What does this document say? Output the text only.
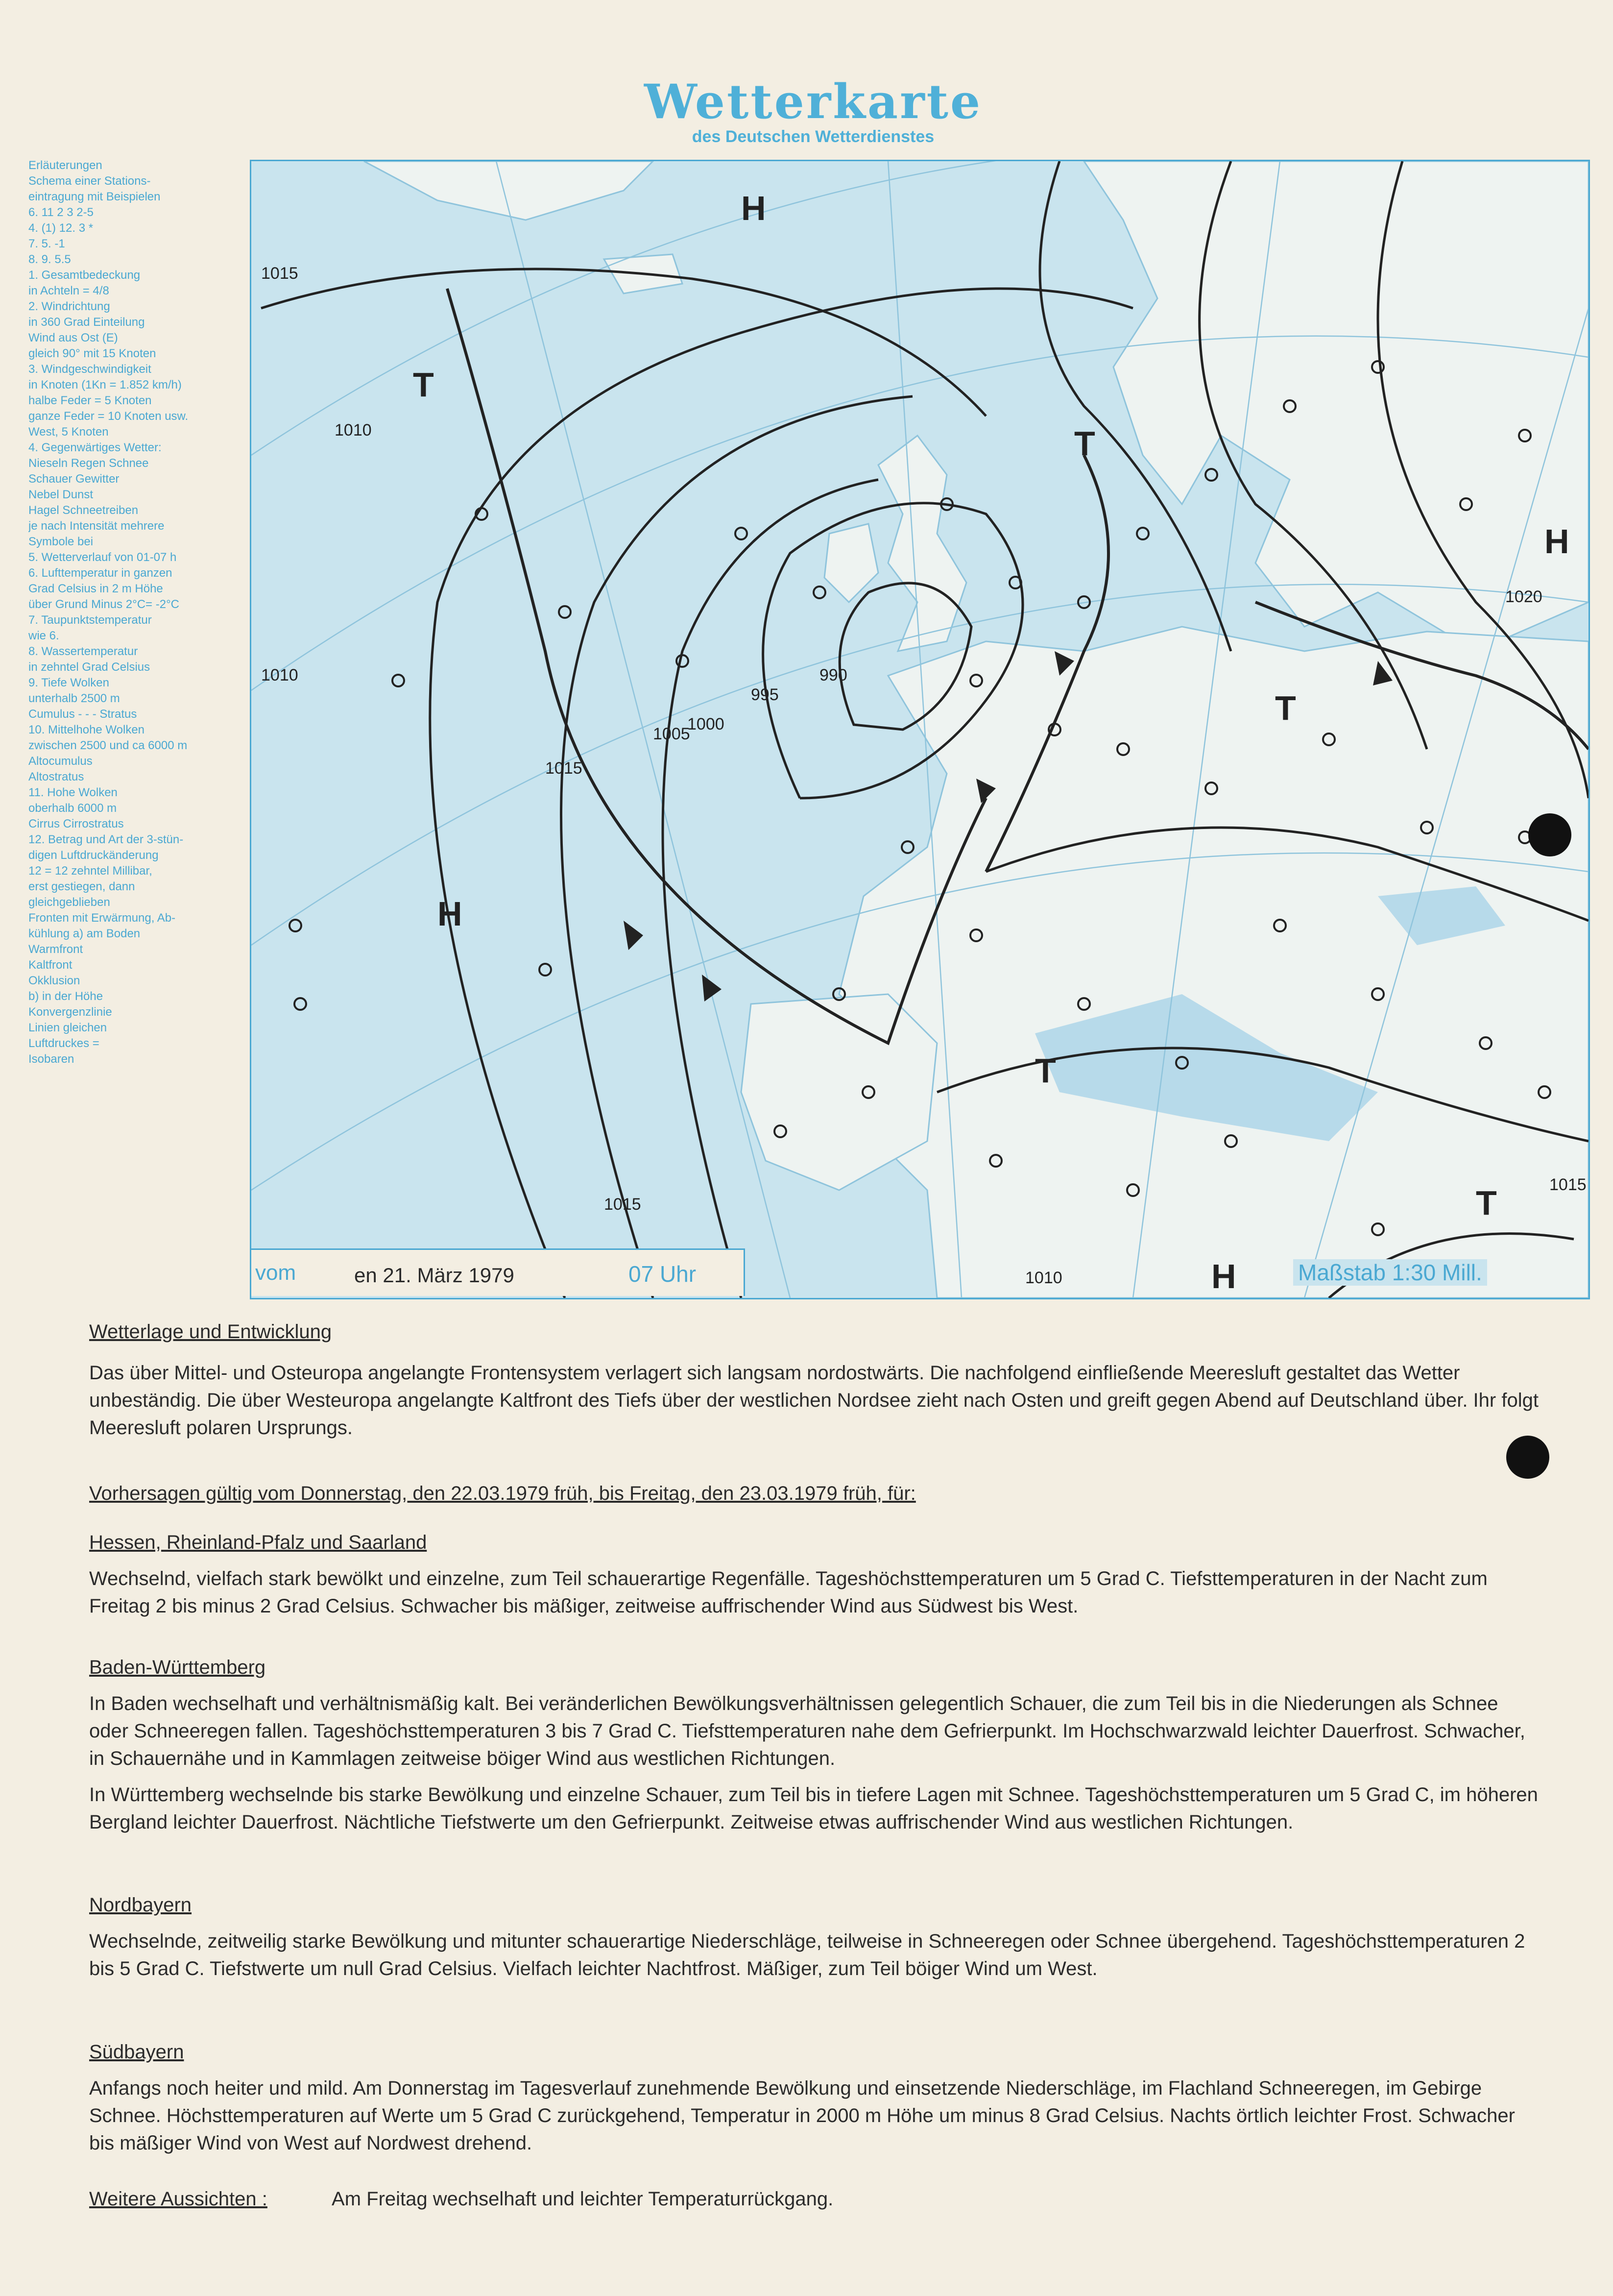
Wetterkarte
des Deutschen Wetterdienstes
Erläuterungen
Schema einer Stations-
eintragung mit Beispielen
6. 11 2 3 2-5
4. (1) 12. 3 *
7. 5. -1
8. 9. 5.5
1. Gesamtbedeckung
in Achteln = 4/8
2. Windrichtung
in 360 Grad Einteilung
Wind aus Ost (E)
gleich 90° mit 15 Knoten
3. Windgeschwindigkeit
in Knoten (1Kn = 1.852 km/h)
halbe Feder = 5 Knoten
ganze Feder = 10 Knoten usw.
West, 5 Knoten
4. Gegenwärtiges Wetter:
Nieseln Regen Schnee
Schauer Gewitter
Nebel Dunst
Hagel Schneetreiben
je nach Intensität mehrere
Symbole bei
5. Wetterverlauf von 01-07 h
6. Lufttemperatur in ganzen
Grad Celsius in 2 m Höhe
über Grund Minus 2°C= -2°C
7. Taupunktstemperatur
wie 6.
8. Wassertemperatur
in zehntel Grad Celsius
9. Tiefe Wolken
unterhalb 2500 m
Cumulus - - - Stratus
10. Mittelhohe Wolken
zwischen 2500 und ca 6000 m
Altocumulus
Altostratus
11. Hohe Wolken
oberhalb 6000 m
Cirrus Cirrostratus
12. Betrag und Art der 3-stün-
digen Luftdruckänderung
12 = 12 zehntel Millibar,
erst gestiegen, dann
gleichgeblieben
Fronten mit Erwärmung, Ab-
kühlung a) am Boden
Warmfront
Kaltfront
Okklusion
b) in der Höhe
Konvergenzlinie
Linien gleichen
Luftdruckes =
Isobaren
H
T
T
H
T
H
T
H
T
1015
1010
1005
1000
995
990
1010
1015
1020
1015
1010
1015
vom	en 21. März 1979	07 Uhr	Maßstab 1:30 Mill.
Wetterlage und Entwicklung
Das über Mittel- und Osteuropa angelangte Frontensystem verlagert sich langsam nordostwärts. Die nachfolgend einfließende Meeresluft gestaltet das Wetter unbeständig. Die über Westeuropa angelangte Kaltfront des Tiefs über der westlichen Nordsee zieht nach Osten und greift gegen Abend auf Deutschland über. Ihr folgt Meeresluft polaren Ursprungs.
Vorhersagen gültig vom Donnerstag, den 22.03.1979 früh, bis Freitag, den 23.03.1979 früh, für:
Hessen, Rheinland-Pfalz und Saarland
Wechselnd, vielfach stark bewölkt und einzelne, zum Teil schauerartige Regenfälle. Tageshöchsttemperaturen um 5 Grad C. Tiefsttemperaturen in der Nacht zum Freitag 2 bis minus 2 Grad Celsius. Schwacher bis mäßiger, zeitweise auffrischender Wind aus Südwest bis West.
Baden-Württemberg
In Baden wechselhaft und verhältnismäßig kalt. Bei veränderlichen Bewölkungsverhältnissen gelegentlich Schauer, die zum Teil bis in die Niederungen als Schnee oder Schneeregen fallen. Tageshöchsttemperaturen 3 bis 7 Grad C. Tiefsttemperaturen nahe dem Gefrierpunkt. Im Hochschwarzwald leichter Dauerfrost. Schwacher, in Schauernähe und in Kammlagen zeitweise böiger Wind aus westlichen Richtungen.
In Württemberg wechselnde bis starke Bewölkung und einzelne Schauer, zum Teil bis in tiefere Lagen mit Schnee. Tageshöchsttemperaturen um 5 Grad C, im höheren Bergland leichter Dauerfrost. Nächtliche Tiefstwerte um den Gefrierpunkt. Zeitweise etwas auffrischender Wind aus westlichen Richtungen.
Nordbayern
Wechselnde, zeitweilig starke Bewölkung und mitunter schauerartige Niederschläge, teilweise in Schneeregen oder Schnee übergehend. Tageshöchsttemperaturen 2 bis 5 Grad C. Tiefstwerte um null Grad Celsius. Vielfach leichter Nachtfrost. Mäßiger, zum Teil böiger Wind um West.
Südbayern
Anfangs noch heiter und mild. Am Donnerstag im Tagesverlauf zunehmende Bewölkung und einsetzende Niederschläge, im Flachland Schneeregen, im Gebirge Schnee. Höchsttemperaturen auf Werte um 5 Grad C zurückgehend, Temperatur in 2000 m Höhe um minus 8 Grad Celsius. Nachts örtlich leichter Frost. Schwacher bis mäßiger Wind von West auf Nordwest drehend.
Weitere Aussichten :	Am Freitag wechselhaft und leichter Temperaturrückgang.
